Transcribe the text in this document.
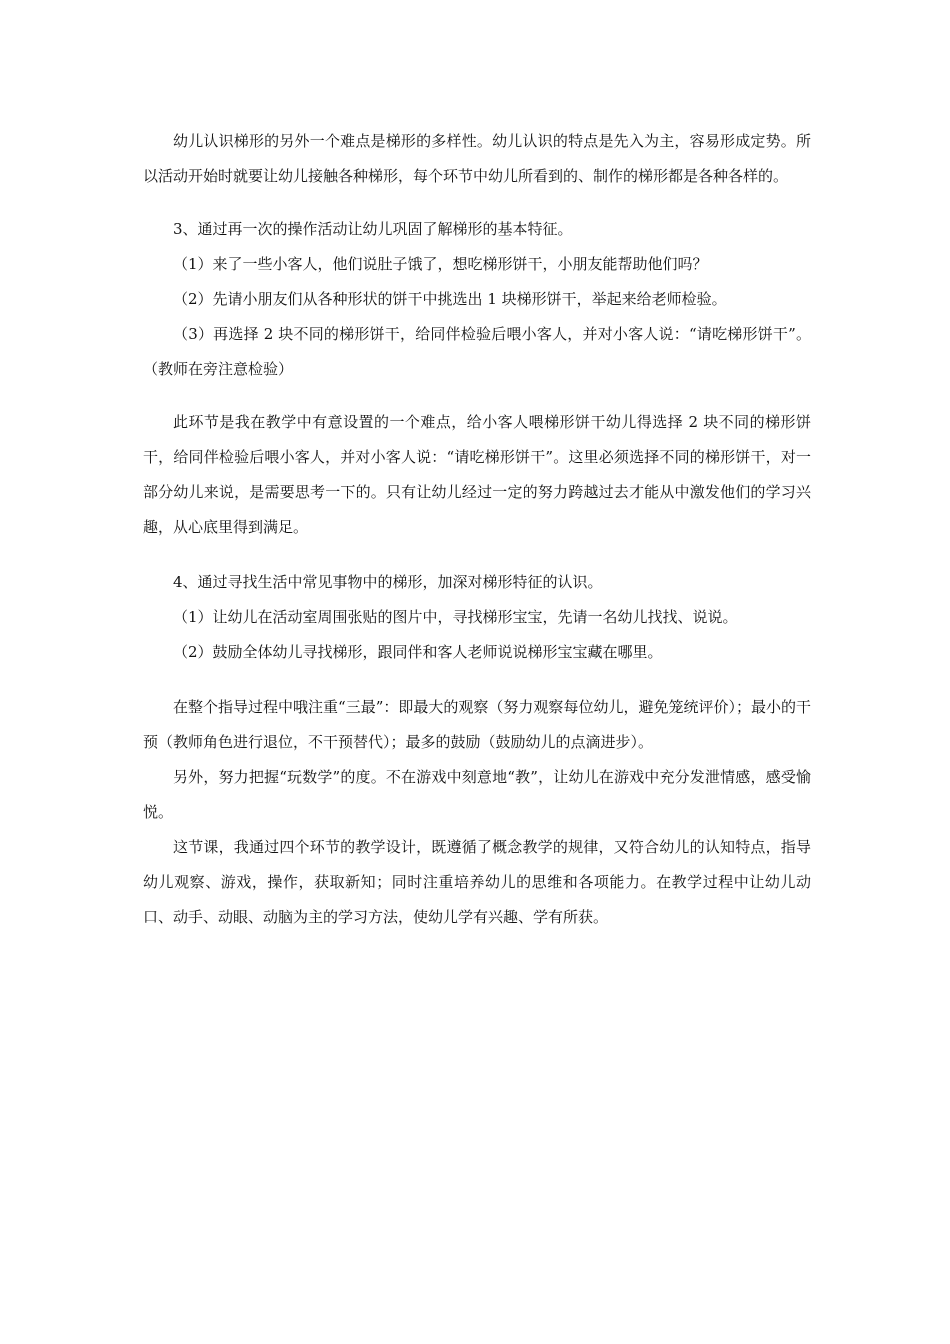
幼儿认识梯形的另外一个难点是梯形的多样性。幼儿认识的特点是先入为主，容易形成定势。所以活动开始时就要让幼儿接触各种梯形，每个环节中幼儿所看到的、制作的梯形都是各种各样的。

3、通过再一次的操作活动让幼儿巩固了解梯形的基本特征。

（1）来了一些小客人，他们说肚子饿了，想吃梯形饼干，小朋友能帮助他们吗？

（2）先请小朋友们从各种形状的饼干中挑选出 1 块梯形饼干，举起来给老师检验。

（3）再选择 2 块不同的梯形饼干，给同伴检验后喂小客人，并对小客人说：“请吃梯形饼干”。（教师在旁注意检验）

此环节是我在教学中有意设置的一个难点，给小客人喂梯形饼干幼儿得选择 2 块不同的梯形饼干，给同伴检验后喂小客人，并对小客人说：“请吃梯形饼干”。这里必须选择不同的梯形饼干，对一部分幼儿来说，是需要思考一下的。只有让幼儿经过一定的努力跨越过去才能从中激发他们的学习兴趣，从心底里得到满足。

4、通过寻找生活中常见事物中的梯形，加深对梯形特征的认识。

（1）让幼儿在活动室周围张贴的图片中，寻找梯形宝宝，先请一名幼儿找找、说说。

（2）鼓励全体幼儿寻找梯形，跟同伴和客人老师说说梯形宝宝藏在哪里。

在整个指导过程中哦注重“三最”：即最大的观察（努力观察每位幼儿，避免笼统评价）；最小的干预（教师角色进行退位，不干预替代）；最多的鼓励（鼓励幼儿的点滴进步）。

另外，努力把握“玩数学”的度。不在游戏中刻意地“教”，让幼儿在游戏中充分发泄情感，感受愉悦。

这节课，我通过四个环节的教学设计，既遵循了概念教学的规律，又符合幼儿的认知特点，指导幼儿观察、游戏，操作，获取新知；同时注重培养幼儿的思维和各项能力。在教学过程中让幼儿动口、动手、动眼、动脑为主的学习方法，使幼儿学有兴趣、学有所获。
